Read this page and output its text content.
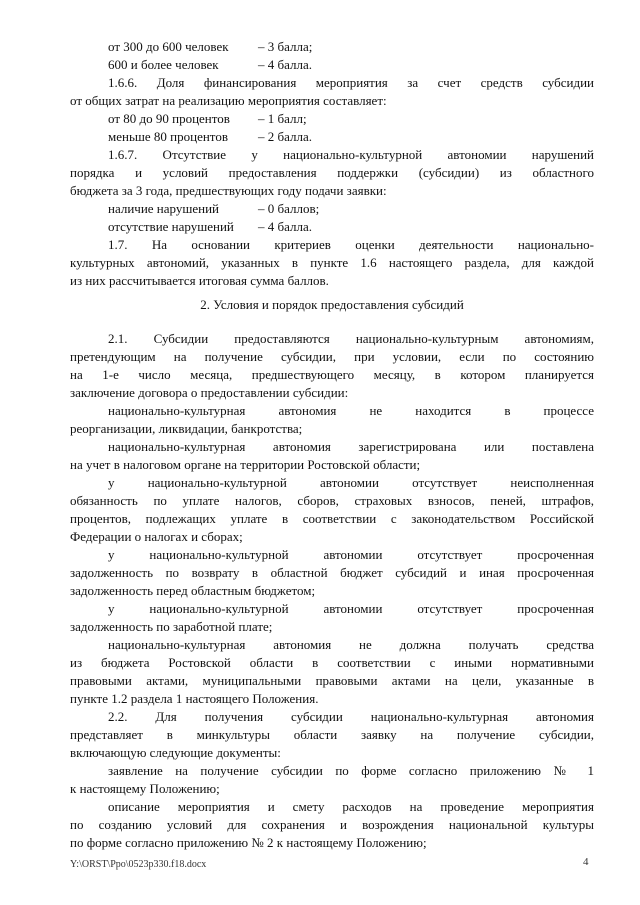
от 300 до 600 человек – 3 балла;
600 и более человек	– 4 балла.
1.6.6. Доля финансирования мероприятия за счет средств субсидии
от общих затрат на реализацию мероприятия составляет:
от 80 до 90 процентов – 1 балл;
меньше 80 процентов – 2 балла.
1.6.7. Отсутствие у национально-культурной автономии нарушений
порядка и условий предоставления поддержки (субсидии) из областного
бюджета за 3 года, предшествующих году подачи заявки:
наличие нарушений	– 0 баллов;
отсутствие нарушений – 4 балла.
1.7. На основании критериев оценки деятельности национально-
культурных автономий, указанных в пункте 1.6 настоящего раздела, для каждой
из них рассчитывается итоговая сумма баллов.
2. Условия и порядок предоставления субсидий
2.1. Субсидии предоставляются национально-культурным автономиям,
претендующим на получение субсидии, при условии, если по состоянию
на 1-е число месяца, предшествующего месяцу, в котором планируется
заключение договора о предоставлении субсидии:
национально-культурная автономия не находится в процессе
реорганизации, ликвидации, банкротства;
национально-культурная автономия зарегистрирована или поставлена
на учет в налоговом органе на территории Ростовской области;
у национально-культурной автономии отсутствует неисполненная
обязанность по уплате налогов, сборов, страховых взносов, пеней, штрафов,
процентов, подлежащих уплате в соответствии с законодательством Российской
Федерации о налогах и сборах;
у национально-культурной автономии отсутствует просроченная
задолженность по возврату в областной бюджет субсидий и иная просроченная
задолженность перед областным бюджетом;
у национально-культурной автономии отсутствует просроченная
задолженность по заработной плате;
национально-культурная автономия не должна получать средства
из бюджета Ростовской области в соответствии с иными нормативными
правовыми актами, муниципальными правовыми актами на цели, указанные в
пункте 1.2 раздела 1 настоящего Положения.
2.2. Для получения субсидии национально-культурная автономия
представляет в минкультуры области заявку на получение субсидии,
включающую следующие документы:
заявление на получение субсидии по форме согласно приложению № 1
к настоящему Положению;
описание мероприятия и смету расходов на проведение мероприятия
по созданию условий для сохранения и возрождения национальной культуры
по форме согласно приложению № 2 к настоящему Положению;
Y:\ORST\Ppo\0523p330.f18.docx	4
